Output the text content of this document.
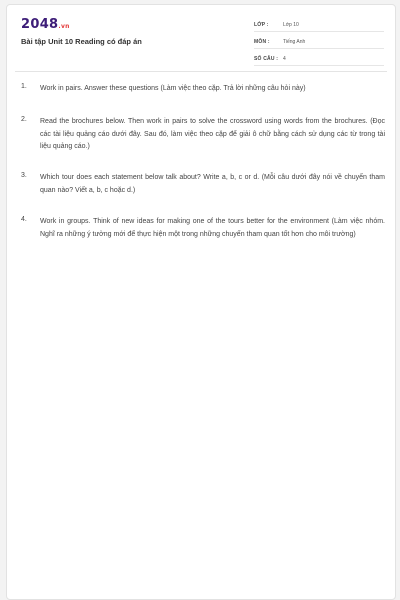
2048.vn
Bài tập Unit 10 Reading có đáp án
LỚP :	Lớp 10
MÔN :	Tiếng Anh
SỐ CÂU : 4
1. Work in pairs. Answer these questions (Làm việc theo cặp. Trả lời những câu hỏi này)

2. Read the brochures below. Then work in pairs to solve the crossword using words from the brochures. (Đọc các tài liệu quảng cáo dưới đây. Sau đó, làm việc theo cặp để giải ô chữ bằng cách sử dụng các từ trong tài liệu quảng cáo.)

3. Which tour does each statement below talk about? Write a, b, c or d. (Mỗi câu dưới đây nói về chuyến tham quan nào? Viết a, b, c hoặc d.)

4. Work in groups. Think of new ideas for making one of the tours better for the environment (Làm việc nhóm. Nghĩ ra những ý tưởng mới để thực hiện một trong những chuyến tham quan tốt hơn cho môi trường)
